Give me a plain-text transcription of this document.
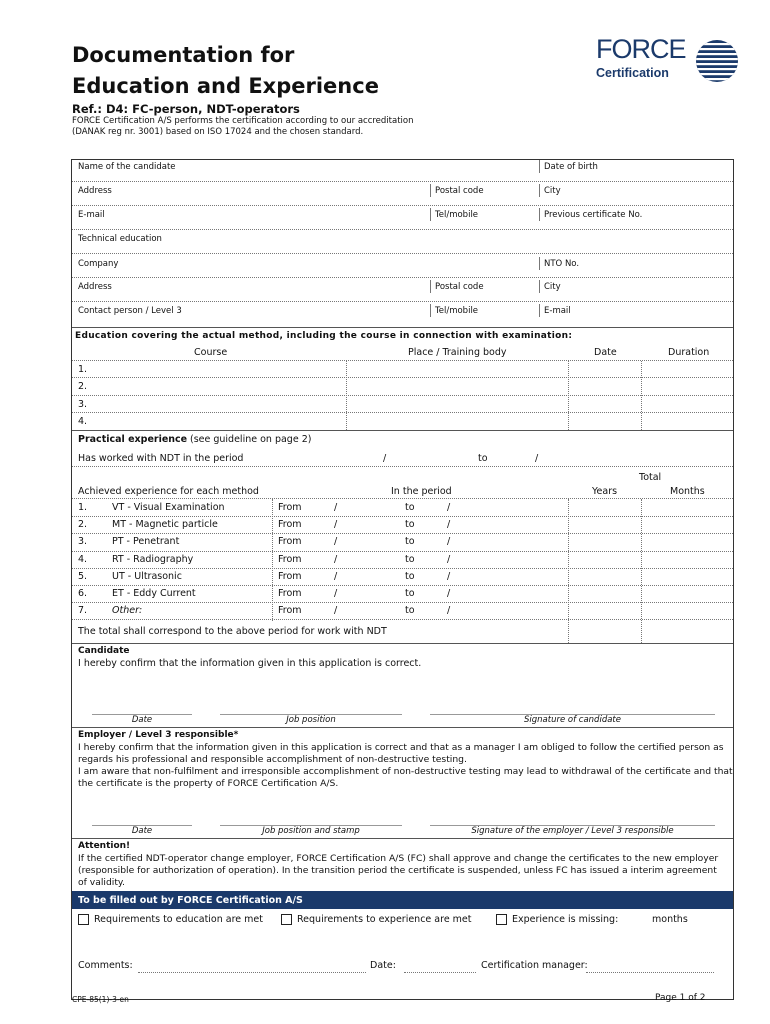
Documentation for
Education and Experience
Ref.: D4: FC-person, NDT-operators
FORCE Certification A/S performs the certification according to our accreditation
(DANAK reg nr. 3001) based on ISO 17024 and the chosen standard.
FORCE
Certification
Name of the candidate	Date of birth
Address	Postal code	City
E-mail	Tel/mobile	Previous certificate No.
Technical education
Company	NTO No.
Address	Postal code	City
Contact person / Level 3	Tel/mobile	E-mail
Education covering the actual method, including the course in connection with examination:
Course	Place / Training body	Date	Duration
1.
2.
3.
4.
Practical experience (see guideline on page 2)
Has worked with NDT in the period	/	to	/
Total
Achieved experience for each method	In the period	Years	Months
1.	VT - Visual Examination	From	/	to	/
2.	MT - Magnetic particle	From	/	to	/
3.	PT - Penetrant	From	/	to	/
4.	RT - Radiography	From	/	to	/
5.	UT - Ultrasonic	From	/	to	/
6.	ET - Eddy Current	From	/	to	/
7.	Other:	From	/	to	/
The total shall correspond to the above period for work with NDT
Candidate
I hereby confirm that the information given in this application is correct.
Date	Job position	Signature of candidate
Employer / Level 3 responsible*
I hereby confirm that the information given in this application is correct and that as a manager I am obliged to follow the certified person as
regards his professional and responsible accomplishment of non-destructive testing.
I am aware that non-fulfilment and irresponsible accomplishment of non-destructive testing may lead to withdrawal of the certificate and that
the certificate is the property of FORCE Certification A/S.
Date	Job position and stamp	Signature of the employer / Level 3 responsible
Attention!
If the certified NDT-operator change employer, FORCE Certification A/S (FC) shall approve and change the certificates to the new employer
(responsible for authorization of operation). In the transition period the certificate is suspended, unless FC has issued a interim agreement
of validity.
To be filled out by FORCE Certification A/S
Requirements to education are met	Requirements to experience are met	Experience is missing:	months
Comments:	Date:	Certification manager:
CPE-85(1)-3-en	Page 1 of 2
